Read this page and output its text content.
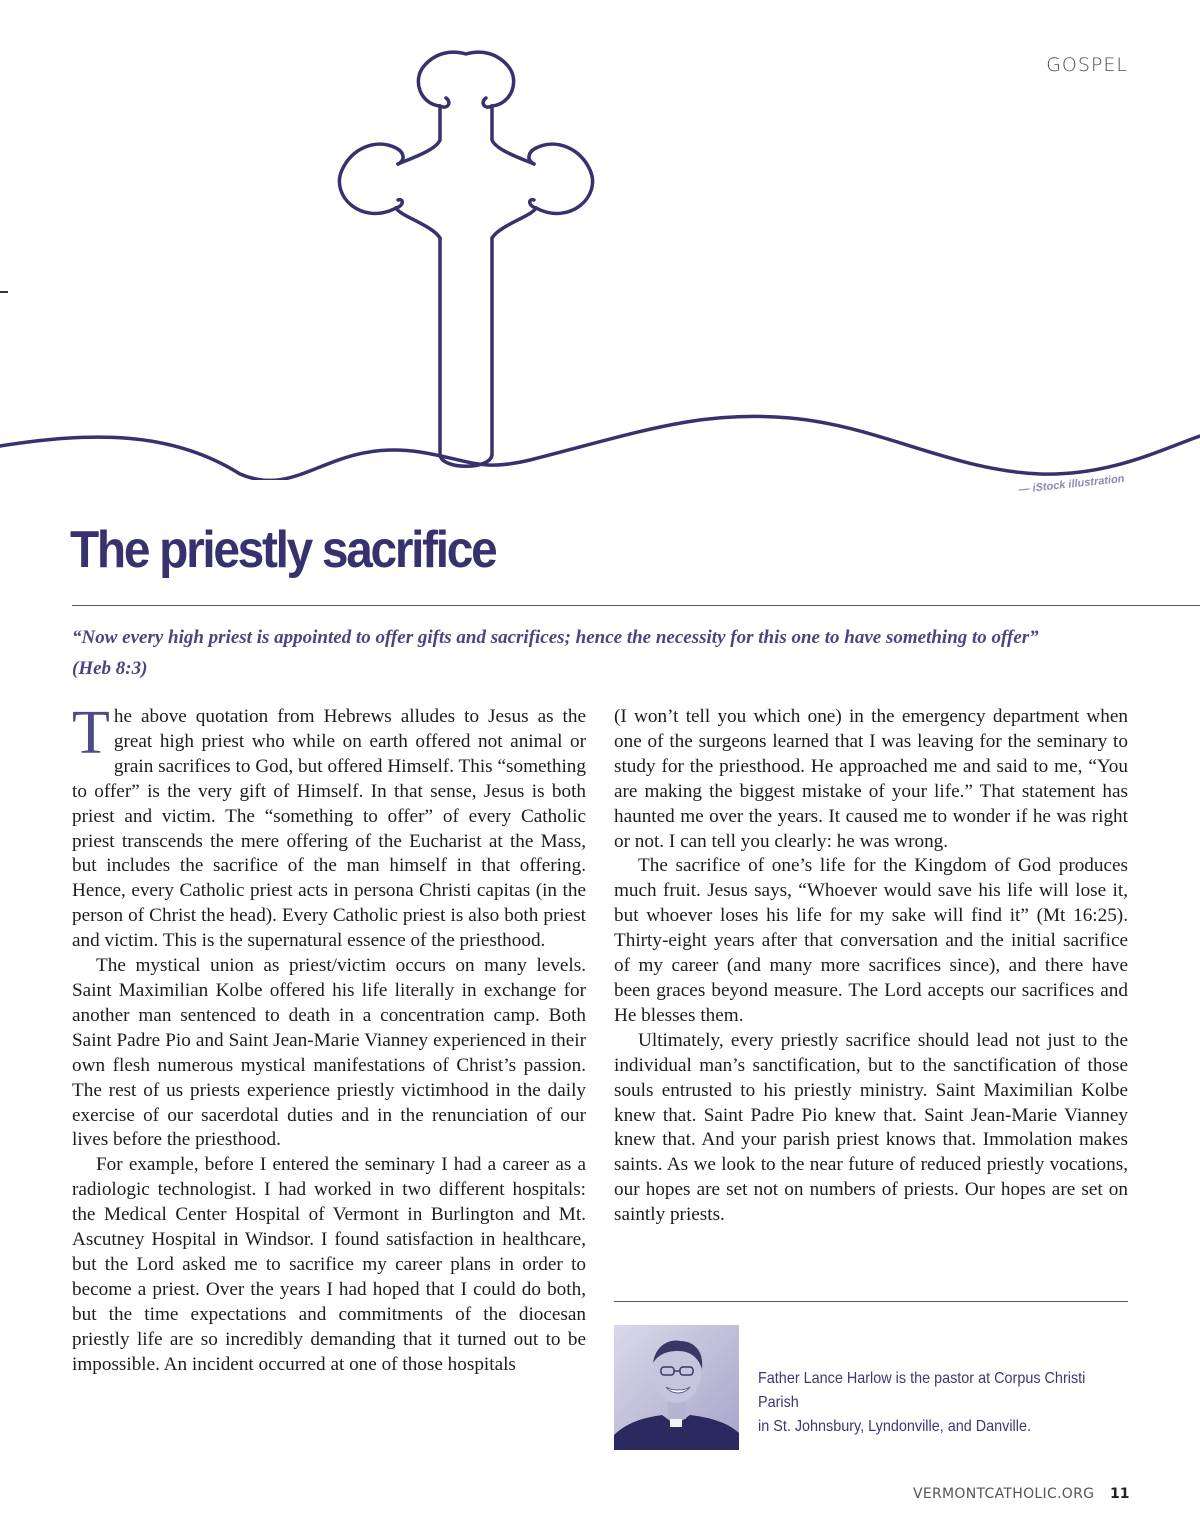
GOSPEL
— iStock illustration
The priestly sacrifice

“Now every high priest is appointed to offer gifts and sacrifices; hence the necessity for this one to have something to offer”
(Heb 8:3)

The above quotation from Hebrews alludes to Jesus as the great high priest who while on earth offered not animal or grain sacrifices to God, but offered Himself. This “something to offer” is the very gift of Himself. In that sense, Jesus is both priest and victim. The “something to offer” of every Catholic priest transcends the mere offering of the Eucharist at the Mass, but includes the sacrifice of the man himself in that offering. Hence, every Catholic priest acts in persona Christi capitas (in the person of Christ the head). Every Catholic priest is also both priest and victim. This is the supernatural essence of the priesthood.

The mystical union as priest/victim occurs on many levels. Saint Maximilian Kolbe offered his life literally in exchange for another man sentenced to death in a concentration camp. Both Saint Padre Pio and Saint Jean-Marie Vianney experienced in their own flesh numerous mystical manifestations of Christ’s passion. The rest of us priests experience priestly victimhood in the daily exercise of our sacerdotal duties and in the renunciation of our lives before the priesthood.

For example, before I entered the seminary I had a career as a radiologic technologist. I had worked in two different hospitals: the Medical Center Hospital of Vermont in Burlington and Mt. Ascutney Hospital in Windsor. I found satisfaction in healthcare, but the Lord asked me to sacrifice my career plans in order to become a priest. Over the years I had hoped that I could do both, but the time expectations and commitments of the diocesan priestly life are so incredibly demanding that it turned out to be impossible. An incident occurred at one of those hospitals

(I won’t tell you which one) in the emergency department when one of the surgeons learned that I was leaving for the seminary to study for the priesthood. He approached me and said to me, “You are making the biggest mistake of your life.” That statement has haunted me over the years. It caused me to wonder if he was right or not. I can tell you clearly: he was wrong.

The sacrifice of one’s life for the Kingdom of God produces much fruit. Jesus says, “Whoever would save his life will lose it, but whoever loses his life for my sake will find it” (Mt 16:25). Thirty-eight years after that conversation and the initial sacrifice of my career (and many more sacrifices since), and there have been graces beyond measure. The Lord accepts our sacrifices and He blesses them.

Ultimately, every priestly sacrifice should lead not just to the individual man’s sanctification, but to the sanctification of those souls entrusted to his priestly ministry. Saint Maximilian Kolbe knew that. Saint Padre Pio knew that. Saint Jean-Marie Vianney knew that. And your parish priest knows that. Immolation makes saints. As we look to the near future of reduced priestly vocations, our hopes are set not on numbers of priests. Our hopes are set on saintly priests.

Father Lance Harlow is the pastor at Corpus Christi Parish
in St. Johnsbury, Lyndonville, and Danville.

VERMONTCATHOLIC.ORG 11
